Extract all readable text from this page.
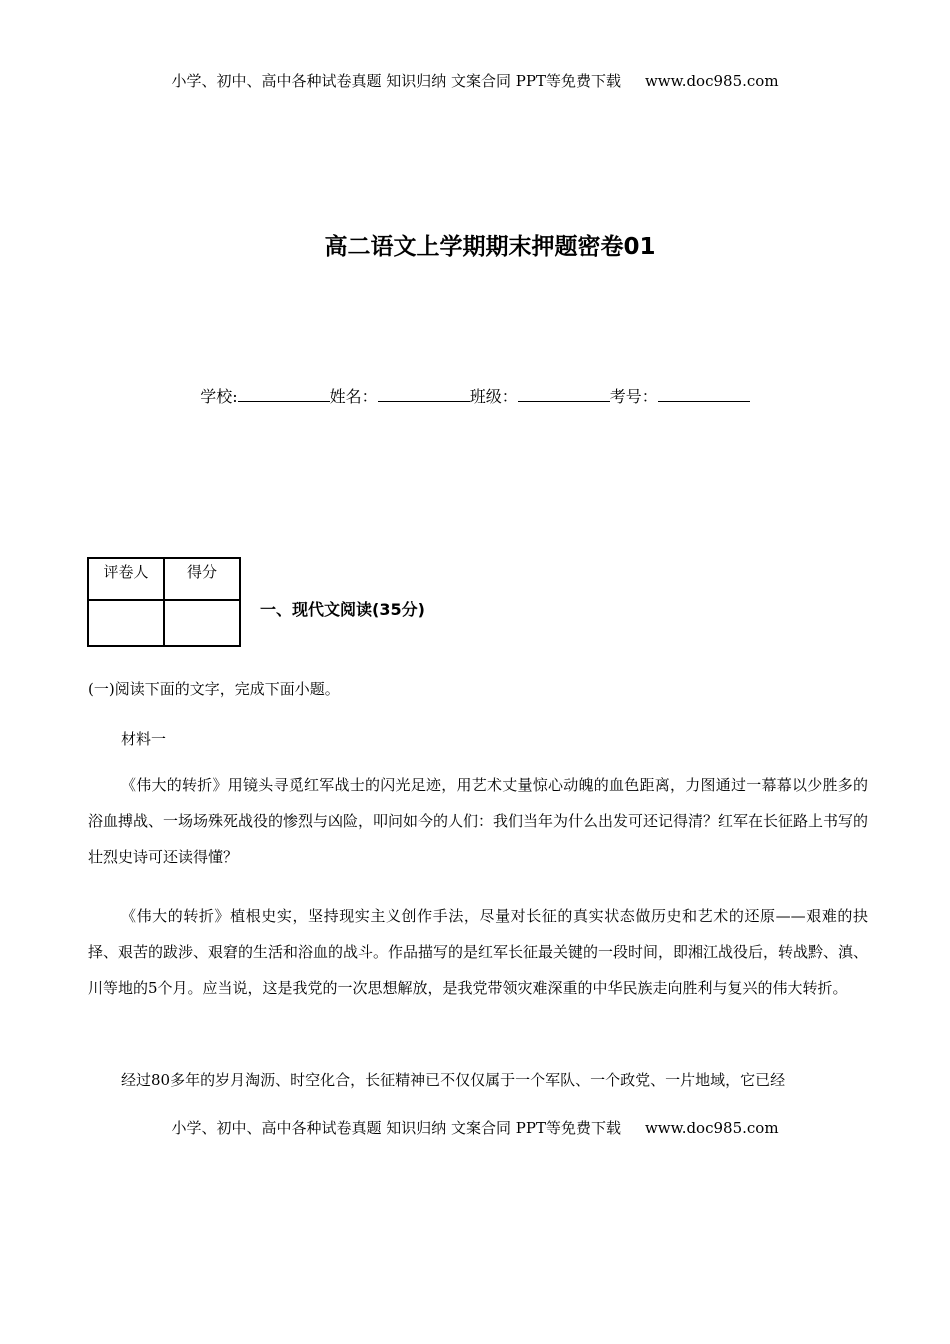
小学、初中、高中各种试卷真题 知识归纳 文案合同 PPT等免费下载 www.doc985.com
高二语文上学期期末押题密卷01
学校:	姓名：	班级：	考号：
评卷人	得分

一、现代文阅读(35分)
(一)阅读下面的文字，完成下面小题。
材料一
《伟大的转折》用镜头寻觅红军战士的闪光足迹，用艺术丈量惊心动魄的血色距离，力图通过一幕幕以少胜多的浴血搏战、一场场殊死战役的惨烈与凶险，叩问如今的人们：我们当年为什么出发可还记得清？红军在长征路上书写的壮烈史诗可还读得懂？
《伟大的转折》植根史实，坚持现实主义创作手法，尽量对长征的真实状态做历史和艺术的还原——艰难的抉择、艰苦的跋涉、艰窘的生活和浴血的战斗。作品描写的是红军长征最关键的一段时间，即湘江战役后，转战黔、滇、川等地的5个月。应当说，这是我党的一次思想解放，是我党带领灾难深重的中华民族走向胜利与复兴的伟大转折。
经过80多年的岁月淘沥、时空化合，长征精神已不仅仅属于一个军队、一个政党、一片地域，它已经
小学、初中、高中各种试卷真题 知识归纳 文案合同 PPT等免费下载 www.doc985.com
